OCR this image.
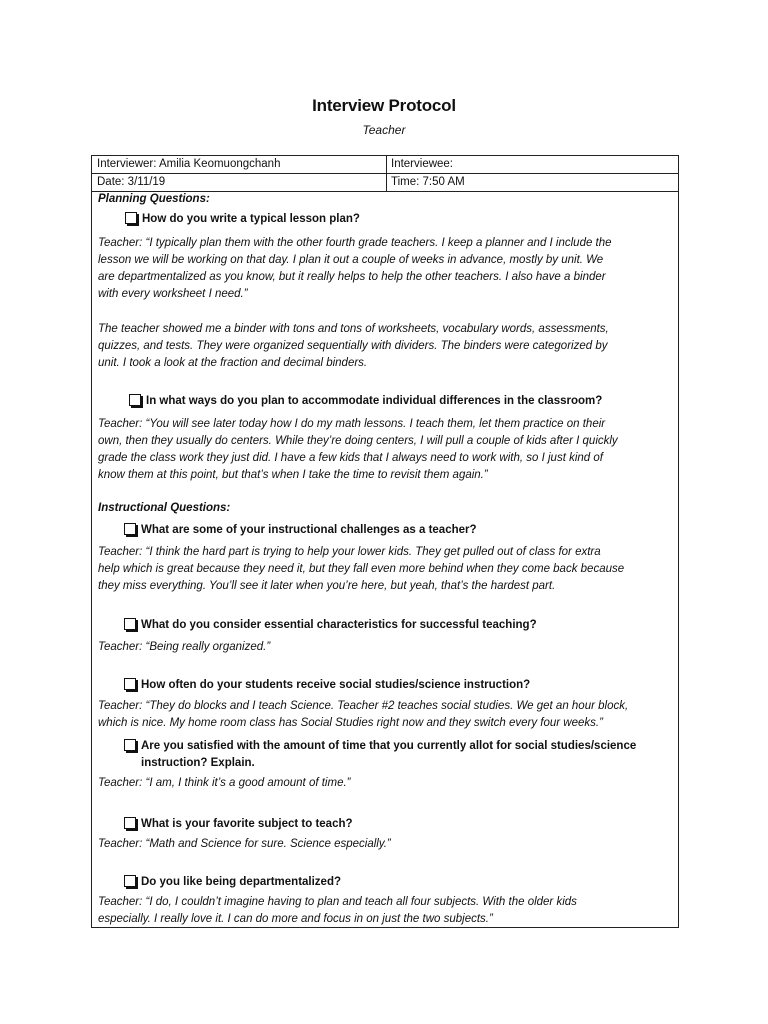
Interview Protocol
Teacher
Interviewer: Amilia Keomuongchanh	Interviewee:
Date: 3/11/19	Time: 7:50 AM
Planning Questions:
How do you write a typical lesson plan?
Teacher: “I typically plan them with the other fourth grade teachers. I keep a planner and I include the
lesson we will be working on that day. I plan it out a couple of weeks in advance, mostly by unit. We
are departmentalized as you know, but it really helps to help the other teachers. I also have a binder
with every worksheet I need.”
The teacher showed me a binder with tons and tons of worksheets, vocabulary words, assessments,
quizzes, and tests. They were organized sequentially with dividers. The binders were categorized by
unit. I took a look at the fraction and decimal binders.
In what ways do you plan to accommodate individual differences in the classroom?
Teacher: “You will see later today how I do my math lessons. I teach them, let them practice on their
own, then they usually do centers. While they’re doing centers, I will pull a couple of kids after I quickly
grade the class work they just did. I have a few kids that I always need to work with, so I just kind of
know them at this point, but that’s when I take the time to revisit them again.”
Instructional Questions:
What are some of your instructional challenges as a teacher?
Teacher: “I think the hard part is trying to help your lower kids. They get pulled out of class for extra
help which is great because they need it, but they fall even more behind when they come back because
they miss everything. You’ll see it later when you’re here, but yeah, that’s the hardest part.
What do you consider essential characteristics for successful teaching?
Teacher: “Being really organized.”
How often do your students receive social studies/science instruction?
Teacher: “They do blocks and I teach Science. Teacher #2 teaches social studies. We get an hour block,
which is nice. My home room class has Social Studies right now and they switch every four weeks.”
Are you satisfied with the amount of time that you currently allot for social studies/science
instruction? Explain.
Teacher: “I am, I think it’s a good amount of time.”
What is your favorite subject to teach?
Teacher: “Math and Science for sure. Science especially.”
Do you like being departmentalized?
Teacher: “I do, I couldn’t imagine having to plan and teach all four subjects. With the older kids
especially. I really love it. I can do more and focus in on just the two subjects.”
